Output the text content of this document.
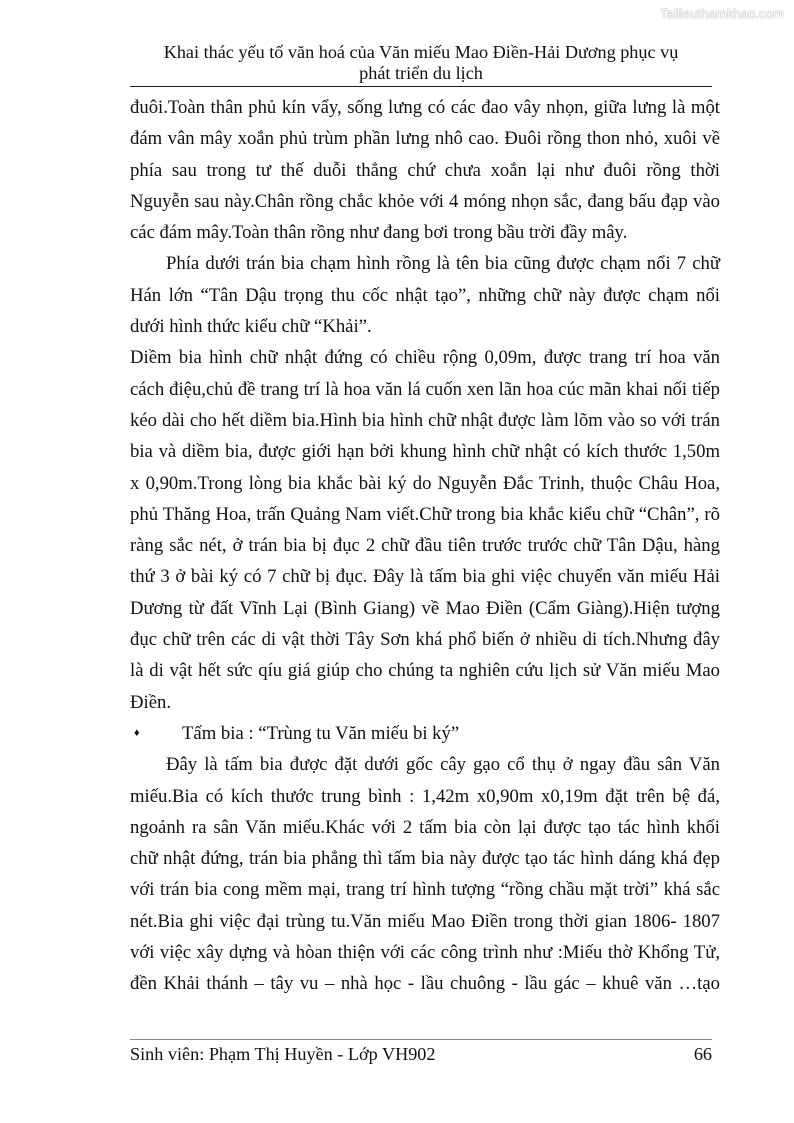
Tailieuthamkhao.com
Khai thác yếu tố văn hoá của Văn miếu Mao Điền-Hải Dương phục vụ
phát triển du lịch
đuôi.Toàn thân phủ kín vẩy, sống lưng có các đao vây nhọn, giữa lưng là một
đám vân mây xoắn phủ trùm phần lưng nhô cao. Đuôi rồng thon nhỏ, xuôi về
phía sau trong tư thế duỗi thẳng chứ chưa xoắn lại như đuôi rồng thời
Nguyễn sau này.Chân rồng chắc khỏe với 4 móng nhọn sắc, đang bấu đạp vào
các đám mây.Toàn thân rồng như đang bơi trong bầu trời đầy mây.
Phía dưới trán bia chạm hình rồng là tên bia cũng được chạm nổi 7 chữ
Hán lớn “Tân Dậu trọng thu cốc nhật tạo”, những chữ này được chạm nổi
dưới hình thức kiểu chữ “Khải”.
Diềm bia hình chữ nhật đứng có chiều rộng 0,09m, được trang trí hoa văn
cách điệu,chủ đề trang trí là hoa văn lá cuốn xen lãn hoa cúc mãn khai nối tiếp
kéo dài cho hết diềm bia.Hình bia hình chữ nhật được làm lõm vào so với trán
bia và diềm bia, được giới hạn bởi khung hình chữ nhật có kích thước 1,50m
x 0,90m.Trong lòng bia khắc bài ký do Nguyễn Đắc Trinh, thuộc Châu Hoa,
phủ Thăng Hoa, trấn Quảng Nam viết.Chữ trong bia khắc kiểu chữ “Chân”, rõ
ràng sắc nét, ở trán bia bị đục 2 chữ đầu tiên trước trước chữ Tân Dậu, hàng
thứ 3 ở bài ký có 7 chữ bị đục. Đây là tấm bia ghi việc chuyển văn miếu Hải
Dương từ đất Vĩnh Lại (Bình Giang) về Mao Điền (Cẩm Giàng).Hiện tượng
đục chữ trên các di vật thời Tây Sơn khá phổ biến ở nhiều di tích.Nhưng đây
là di vật hết sức qíu giá giúp cho chúng ta nghiên cứu lịch sử Văn miếu Mao
Điền.
♦	Tấm bia : “Trùng tu Văn miếu bi ký”
Đây là tấm bia được đặt dưới gốc cây gạo cổ thụ ở ngay đầu sân Văn
miếu.Bia có kích thước trung bình : 1,42m x0,90m x0,19m đặt trên bệ đá,
ngoảnh ra sân Văn miếu.Khác với 2 tấm bia còn lại được tạo tác hình khối
chữ nhật đứng, trán bia phẳng thì tấm bia này được tạo tác hình dáng khá đẹp
với trán bia cong mềm mại, trang trí hình tượng “rồng chầu mặt trời” khá sắc
nét.Bia ghi việc đại trùng tu.Văn miếu Mao Điền trong thời gian 1806- 1807
với việc xây dựng và hòan thiện với các công trình như :Miếu thờ Khổng Tử,
đền Khải thánh – tây vu – nhà học - lầu chuông - lầu gác – khuê văn …tạo
Sinh viên: Phạm Thị Huyền - Lớp VH902	66
